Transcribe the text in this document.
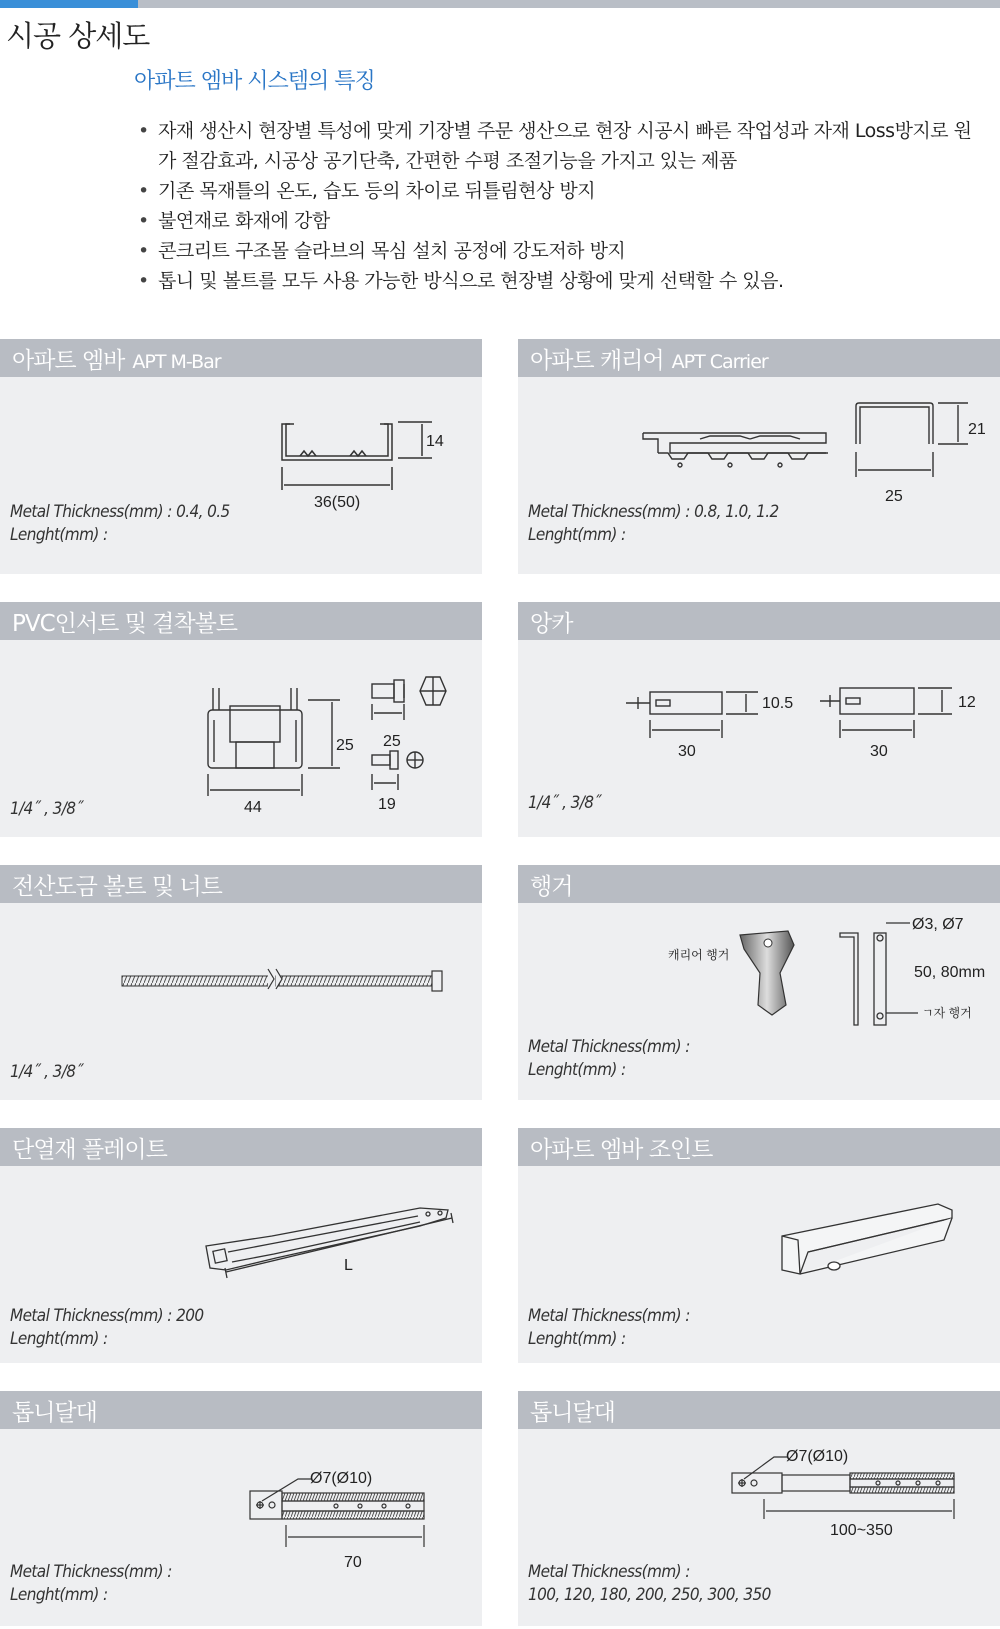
시공 상세도
아파트 엠바 시스템의 특징
• 자재 생산시 현장별 특성에 맞게 기장별 주문 생산으로 현장 시공시 빠른 작업성과 자재 Loss방지로 원가 절감효과, 시공상 공기단축, 간편한 수평 조절기능을 가지고 있는 제품
• 기존 목재틀의 온도, 습도 등의 차이로 뒤틀림현상 방지
• 불연재로 화재에 강함
• 콘크리트 구조몰 슬라브의 목심 설치 공정에 강도저하 방지
• 톱니 및 볼트를 모두 사용 가능한 방식으로 현장별 상황에 맞게 선택할 수 있음.
아파트 엠바 APT M-Bar
14
36(50)
Metal Thickness(mm) : 0.4, 0.5
Lenght(mm) :
아파트 캐리어 APT Carrier
21
25
Metal Thickness(mm) : 0.8, 1.0, 1.2
Lenght(mm) :
PVC인서트 및 결착볼트
25
44
25
19
1/4˝ , 3/8˝
앙카
10.5
30
12
30
1/4˝ , 3/8˝
전산도금 볼트 및 너트
1/4˝ , 3/8˝
행거
캐리어 행거
Ø3, Ø7
50, 80mm
ㄱ자 행거
Metal Thickness(mm) :
Lenght(mm) :
단열재 플레이트
L
Metal Thickness(mm) : 200
Lenght(mm) :
아파트 엠바 조인트
Metal Thickness(mm) :
Lenght(mm) :
톱니달대
Ø7(Ø10)
70
Metal Thickness(mm) :
Lenght(mm) :
톱니달대
Ø7(Ø10)
100~350
Metal Thickness(mm) :
100, 120, 180, 200, 250, 300, 350
